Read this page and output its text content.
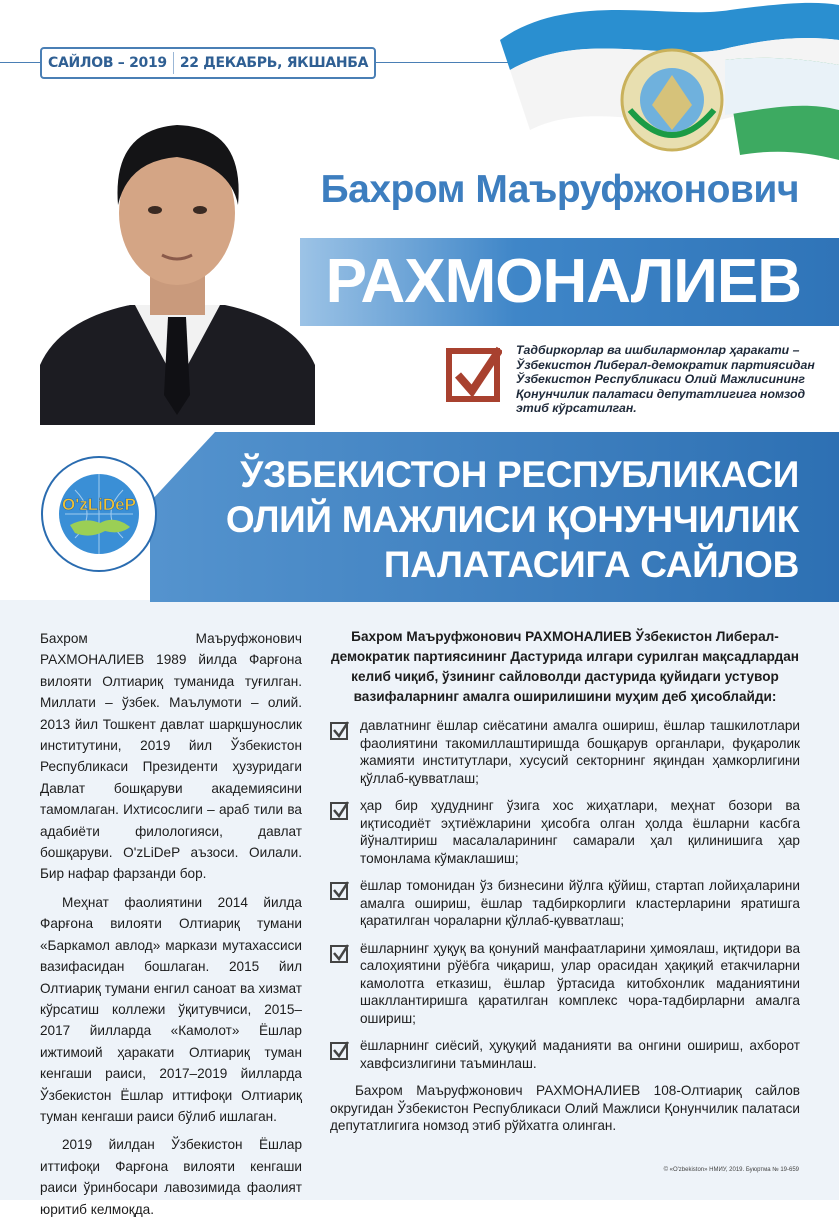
САЙЛОВ – 2019 22 ДЕКАБРЬ, ЯКШАНБА
Бахром Маъруфжонович
РАХМОНАЛИЕВ
Тадбиркорлар ва ишбилармонлар ҳаракати – Ўзбекистон Либерал-демократик партиясидан Ўзбекистон Республикаси Олий Мажлисининг Қонунчилик палатаси депутатлигига номзод этиб кўрсатилган.
ЎЗБЕКИСТОН РЕСПУБЛИКАСИ
ОЛИЙ МАЖЛИСИ ҚОНУНЧИЛИК
ПАЛАТАСИГА САЙЛОВ
O'zLiDeP

Бахром Маъруфжонович РАХМОНАЛИЕВ 1989 йилда Фарғона вилояти Олтиариқ туманида туғилган. Миллати – ўзбек. Маълумоти – олий. 2013 йил Тошкент давлат шарқшунослик институтини, 2019 йил Ўзбекистон Республикаси Президенти ҳузуридаги Давлат бошқаруви академиясини тамомлаган. Ихтисослиги – араб тили ва адабиёти филологияси, давлат бошқаруви. O'zLiDeP аъзоси. Оилали. Бир нафар фарзанди бор.

Меҳнат фаолиятини 2014 йилда Фарғона вилояти Олтиариқ тумани «Баркамол авлод» маркази мутахассиси вазифасидан бошлаган. 2015 йил Олтиариқ тумани енгил саноат ва хизмат кўрсатиш коллежи ўқитувчиси, 2015–2017 йилларда «Камолот» Ёшлар ижтимоий ҳаракати Олтиариқ туман кенгаши раиси, 2017–2019 йилларда Ўзбекистон Ёшлар иттифоқи Олтиариқ туман кенгаши раиси бўлиб ишлаган.

2019 йилдан Ўзбекистон Ёшлар иттифоқи Фарғона вилояти кенгаши раиси ўринбосари лавозимида фаолият юритиб келмоқда.

Бахром Маъруфжонович РАХМОНАЛИЕВ Ўзбекистон Либерал-демократик партиясининг Дастурида илгари сурилган мақсадлардан келиб чиқиб, ўзининг сайловолди дастурида қуйидаги устувор вазифаларнинг амалга оширилишини муҳим деб ҳисоблайди:
давлатнинг ёшлар сиёсатини амалга ошириш, ёшлар ташкилотлари фаолиятини такомиллаштиришда бошқарув органлари, фуқаролик жамияти институтлари, хусусий секторнинг яқиндан ҳамкорлигини қўллаб-қувватлаш;
ҳар бир ҳудуднинг ўзига хос жиҳатлари, меҳнат бозори ва иқтисодиёт эҳтиёжларини ҳисобга олган ҳолда ёшларни касбга йўналтириш масалаларининг самарали ҳал қилинишига ҳар томонлама кўмаклашиш;
ёшлар томонидан ўз бизнесини йўлга қўйиш, стартап лойиҳаларини амалга ошириш, ёшлар тадбиркорлиги кластерларини яратишга қаратилган чораларни қўллаб-қувватлаш;
ёшларнинг ҳуқуқ ва қонуний манфаатларини ҳимоялаш, иқтидори ва салоҳиятини рўёбга чиқариш, улар орасидан ҳақиқий етакчиларни камолотга етказиш, ёшлар ўртасида китобхонлик маданиятини шакллантиришга қаратилган комплекс чора-тадбирларни амалга ошириш;
ёшларнинг сиёсий, ҳуқуқий маданияти ва онгини ошириш, ахборот хавфсизлигини таъминлаш.
Бахром Маъруфжонович РАХМОНАЛИЕВ 108-Олтиариқ сайлов округидан Ўзбекистон Республикаси Олий Мажлиси Қонунчилик палатаси депутатлигига номзод этиб рўйхатга олинган.
© «O'zbekiston» НМИУ, 2019. Буюртма № 19-659
